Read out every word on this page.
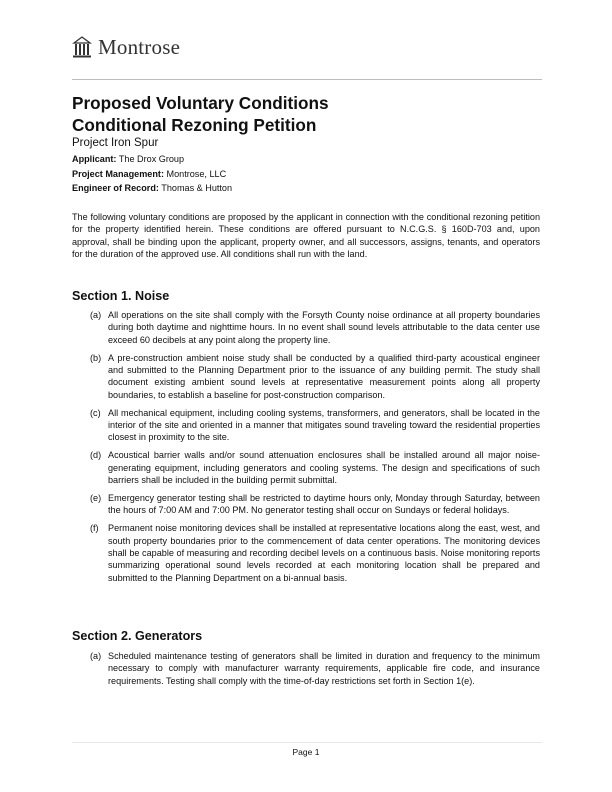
Montrose
Proposed Voluntary Conditions
Conditional Rezoning Petition
Project Iron Spur
Applicant: The Drox Group
Project Management: Montrose, LLC
Engineer of Record: Thomas & Hutton

The following voluntary conditions are proposed by the applicant in connection with the conditional rezoning petition for the property identified herein. These conditions are offered pursuant to N.C.G.S. § 160D-703 and, upon approval, shall be binding upon the applicant, property owner, and all successors, assigns, tenants, and operators for the duration of the approved use. All conditions shall run with the land.

Section 1. Noise
(a) All operations on the site shall comply with the Forsyth County noise ordinance at all property boundaries during both daytime and nighttime hours. In no event shall sound levels attributable to the data center use exceed 60 decibels at any point along the property line.
(b) A pre-construction ambient noise study shall be conducted by a qualified third-party acoustical engineer and submitted to the Planning Department prior to the issuance of any building permit. The study shall document existing ambient sound levels at representative measurement points along all property boundaries, to establish a baseline for post-construction comparison.
(c) All mechanical equipment, including cooling systems, transformers, and generators, shall be located in the interior of the site and oriented in a manner that mitigates sound traveling toward the residential properties closest in proximity to the site.
(d) Acoustical barrier walls and/or sound attenuation enclosures shall be installed around all major noise-generating equipment, including generators and cooling systems. The design and specifications of such barriers shall be included in the building permit submittal.
(e) Emergency generator testing shall be restricted to daytime hours only, Monday through Saturday, between the hours of 7:00 AM and 7:00 PM. No generator testing shall occur on Sundays or federal holidays.
(f) Permanent noise monitoring devices shall be installed at representative locations along the east, west, and south property boundaries prior to the commencement of data center operations. The monitoring devices shall be capable of measuring and recording decibel levels on a continuous basis. Noise monitoring reports summarizing operational sound levels recorded at each monitoring location shall be prepared and submitted to the Planning Department on a bi-annual basis.
Section 2. Generators
(a) Scheduled maintenance testing of generators shall be limited in duration and frequency to the minimum necessary to comply with manufacturer warranty requirements, applicable fire code, and insurance requirements. Testing shall comply with the time-of-day restrictions set forth in Section 1(e).
Page 1
